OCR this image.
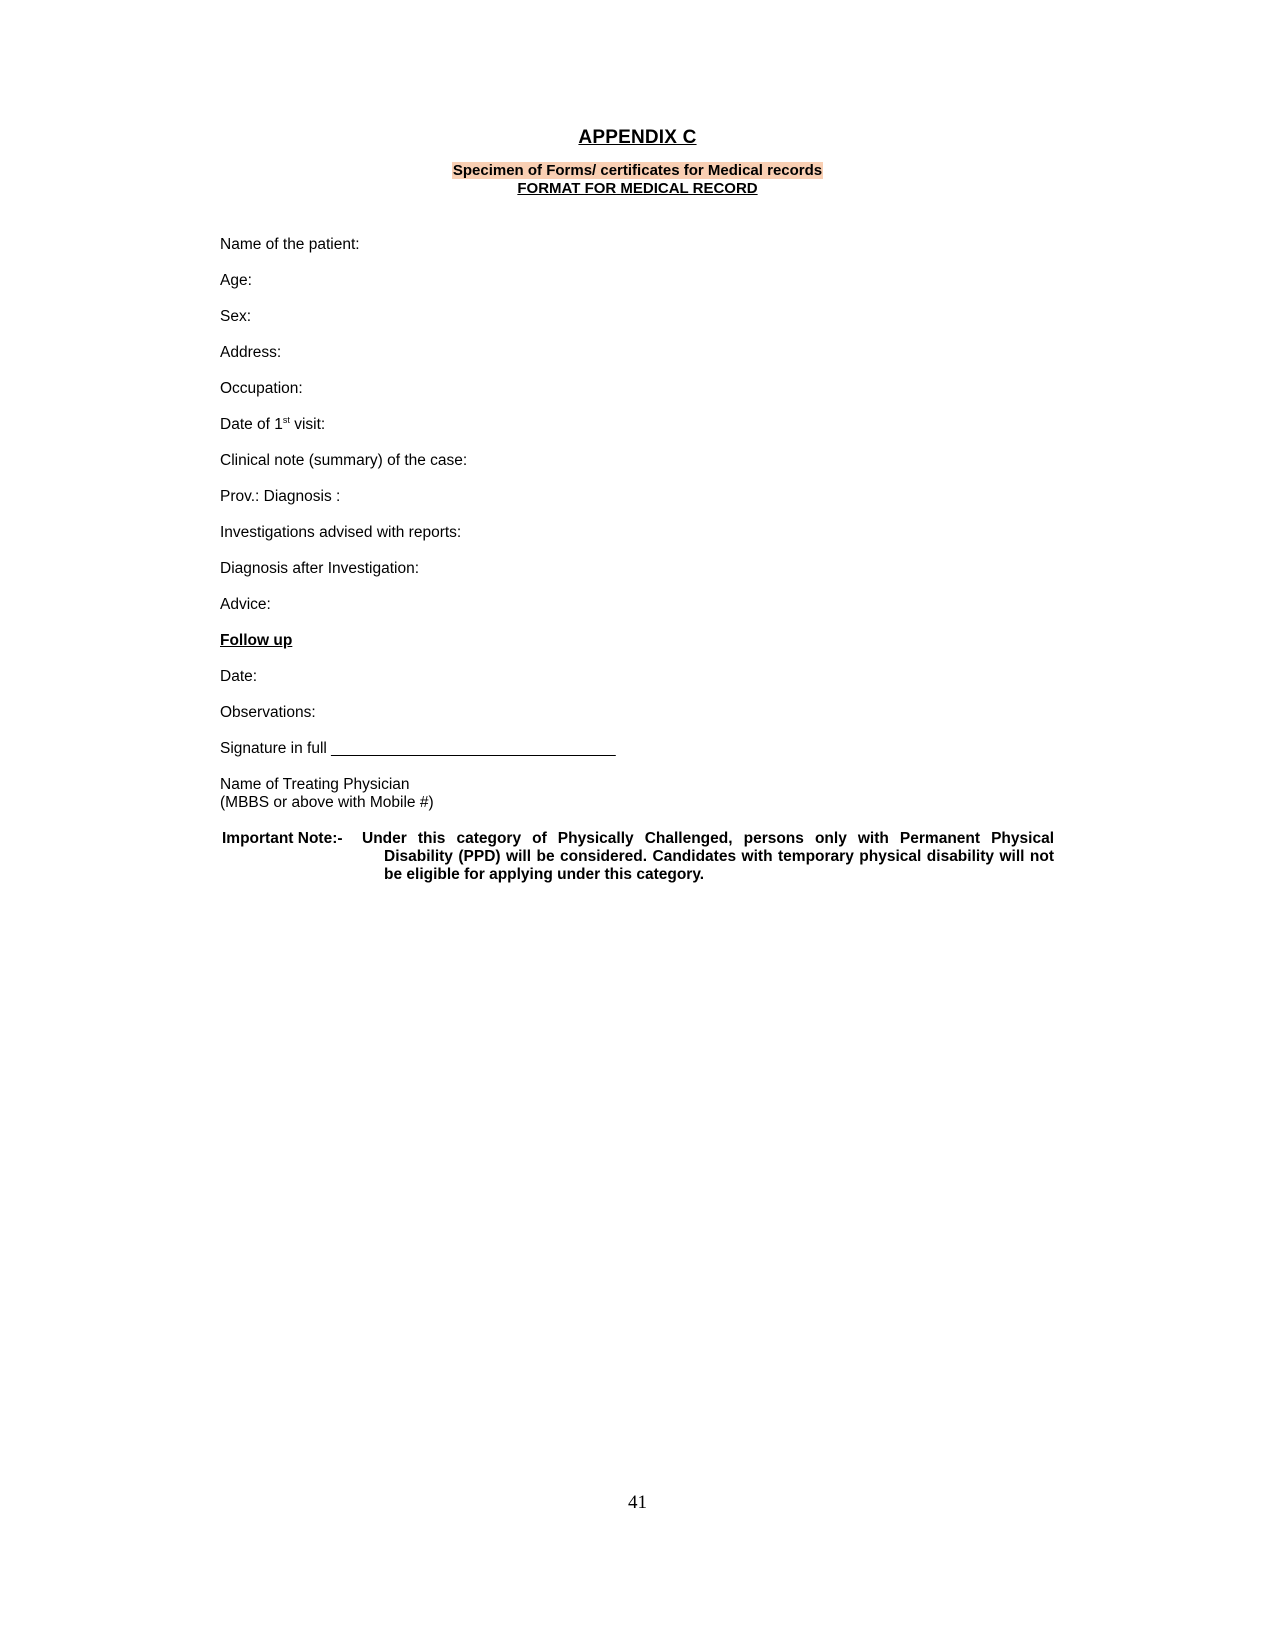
APPENDIX C
Specimen of Forms/ certificates for Medical records
FORMAT FOR MEDICAL RECORD
Name of the patient:
Age:
Sex:
Address:
Occupation:
Date of 1st visit:
Clinical note (summary) of the case:
Prov.: Diagnosis :
Investigations advised with reports:
Diagnosis after Investigation:
Advice:
Follow up
Date:
Observations:
Signature in full _________________________________
Name of Treating Physician
(MBBS or above with Mobile #)
Important Note:-	Under this category of Physically Challenged, persons only with Permanent Physical Disability (PPD) will be considered. Candidates with temporary physical disability will not be eligible for applying under this category.
41
